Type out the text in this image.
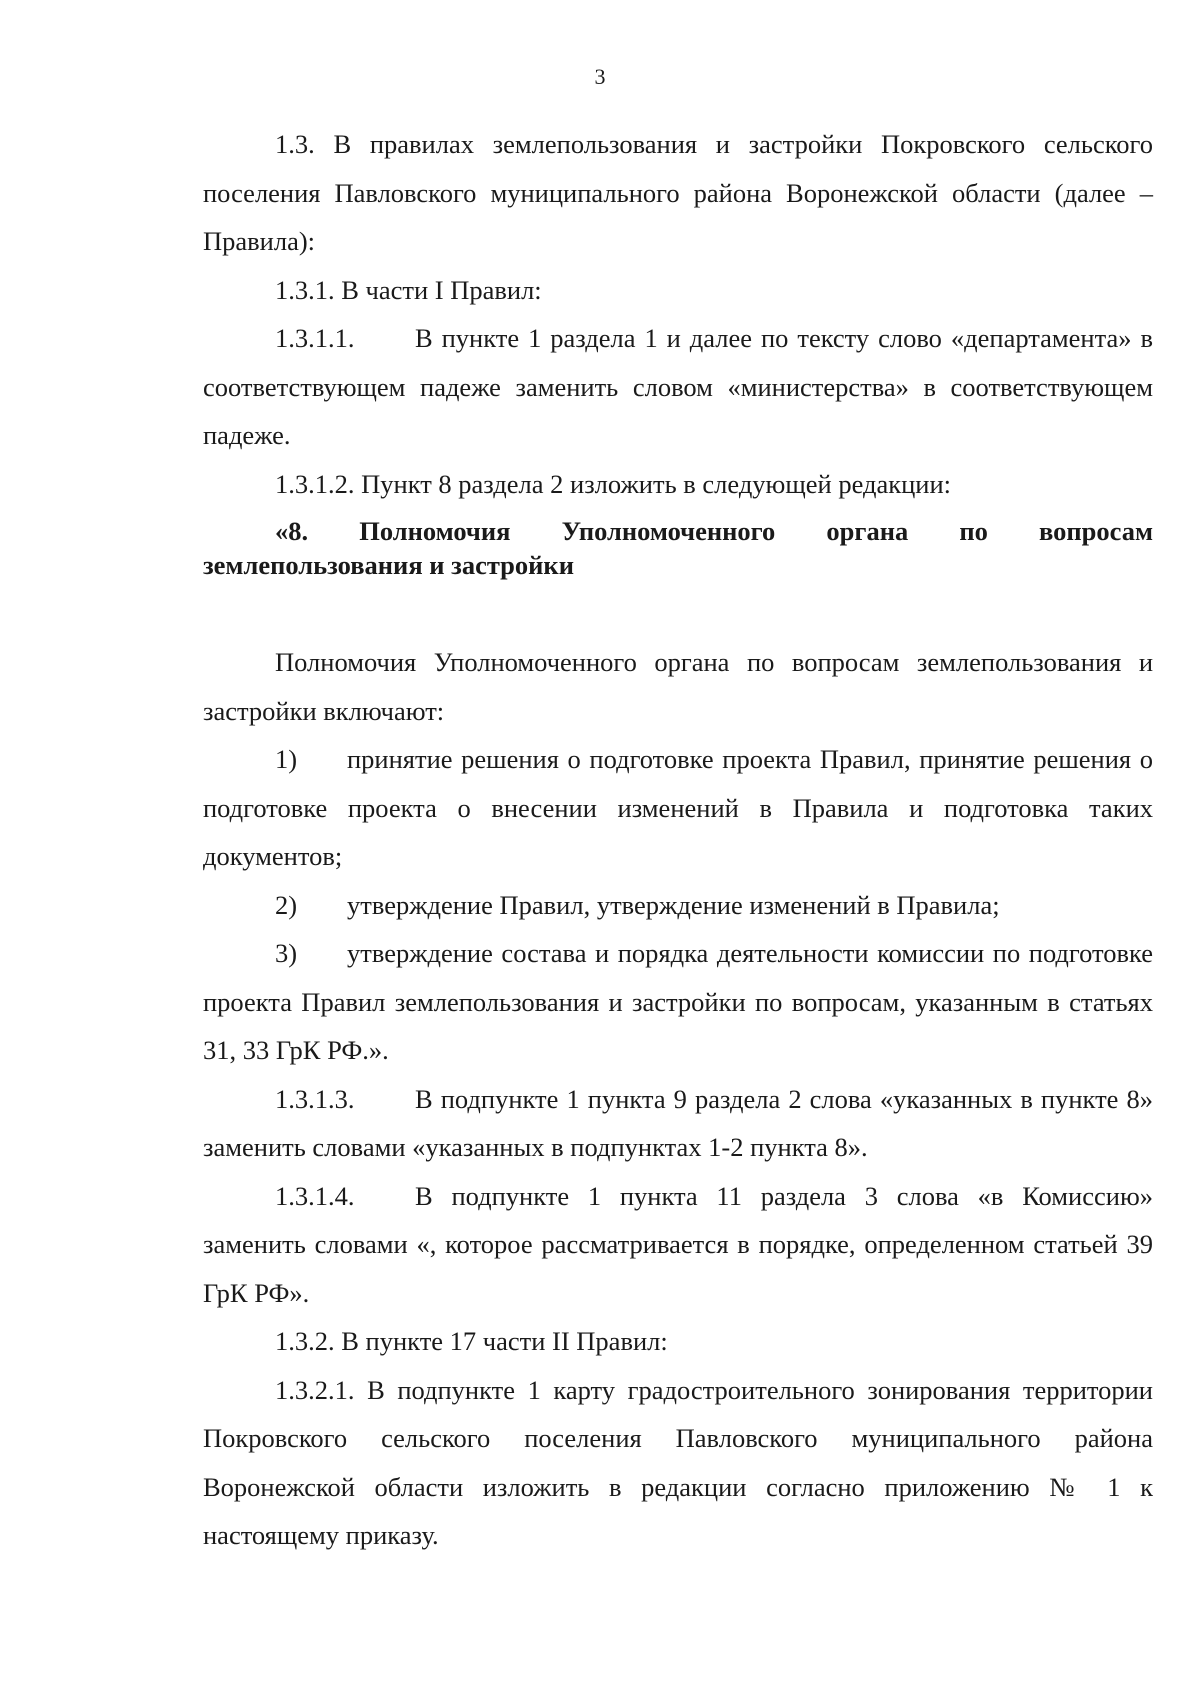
3

1.3. В правилах землепользования и застройки Покровского сельского поселения Павловского муниципального района Воронежской области (далее – Правила):

1.3.1. В части I Правил:

1.3.1.1. В пункте 1 раздела 1 и далее по тексту слово «департамента» в соответствующем падеже заменить словом «министерства» в соответствующем падеже.

1.3.1.2. Пункт 8 раздела 2 изложить в следующей редакции:

«8. Полномочия Уполномоченного органа по вопросам землепользования и застройки

Полномочия Уполномоченного органа по вопросам землепользования и застройки включают:

1) принятие решения о подготовке проекта Правил, принятие решения о подготовке проекта о внесении изменений в Правила и подготовка таких документов;

2) утверждение Правил, утверждение изменений в Правила;

3) утверждение состава и порядка деятельности комиссии по подготовке проекта Правил землепользования и застройки по вопросам, указанным в статьях 31, 33 ГрК РФ.».

1.3.1.3. В подпункте 1 пункта 9 раздела 2 слова «указанных в пункте 8» заменить словами «указанных в подпунктах 1-2 пункта 8».

1.3.1.4. В подпункте 1 пункта 11 раздела 3 слова «в Комиссию» заменить словами «, которое рассматривается в порядке, определенном статьей 39 ГрК РФ».

1.3.2. В пункте 17 части II Правил:

1.3.2.1. В подпункте 1 карту градостроительного зонирования территории Покровского сельского поселения Павловского муниципального района Воронежской области изложить в редакции согласно приложению № 1 к настоящему приказу.
